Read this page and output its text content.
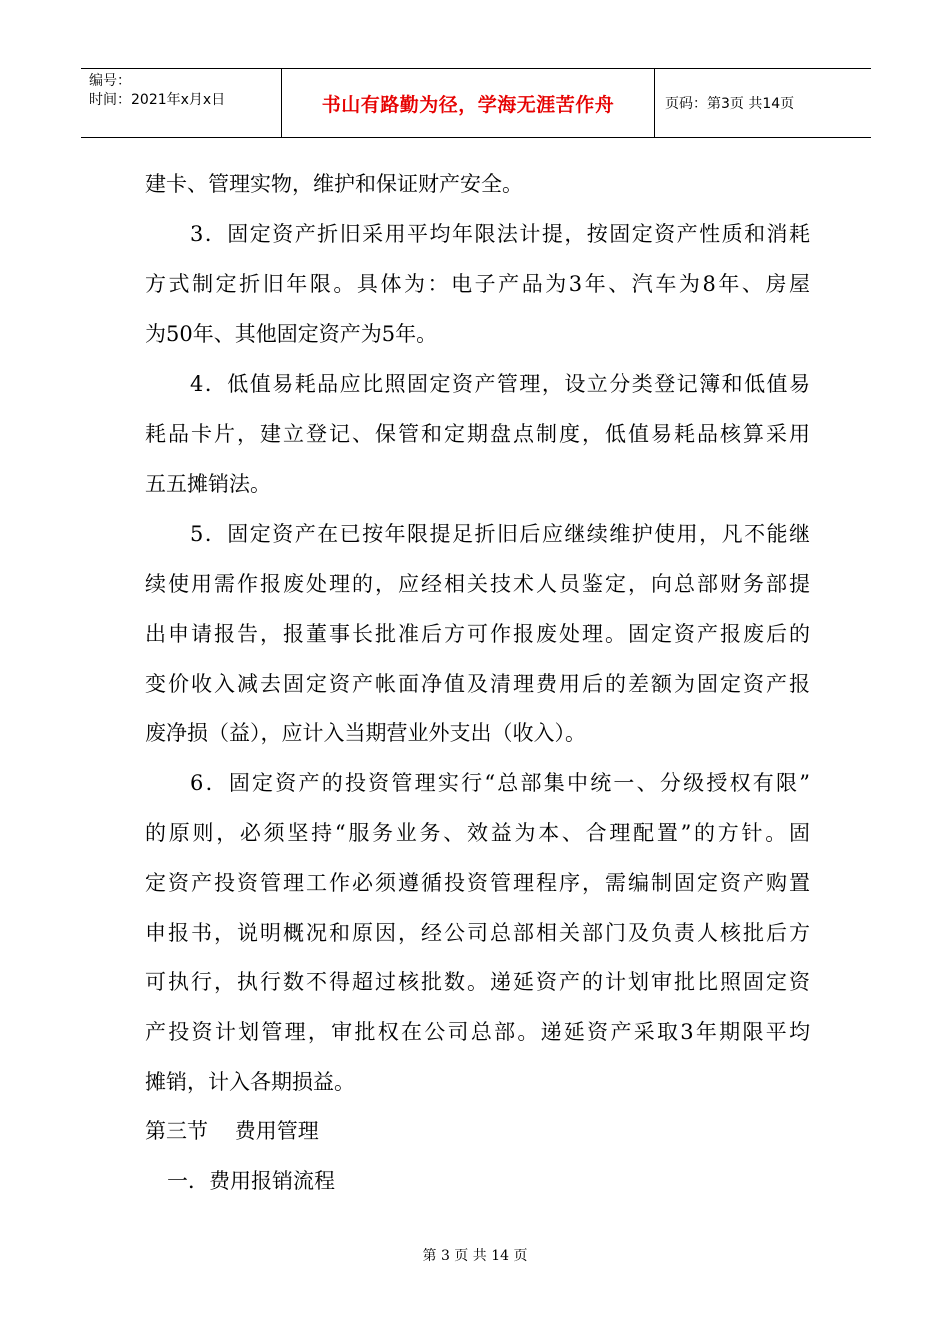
编号：
时间：2021年x月x日	书山有路勤为径，学海无涯苦作舟	页码：第3页 共14页
建卡、管理实物，维护和保证财产安全。
3．固定资产折旧采用平均年限法计提，按固定资产性质和消耗
方式制定折旧年限。具体为：电子产品为3年、汽车为8年、房屋
为50年、其他固定资产为5年。
4．低值易耗品应比照固定资产管理，设立分类登记簿和低值易
耗品卡片，建立登记、保管和定期盘点制度，低值易耗品核算采用
五五摊销法。
5．固定资产在已按年限提足折旧后应继续维护使用，凡不能继
续使用需作报废处理的，应经相关技术人员鉴定，向总部财务部提
出申请报告，报董事长批准后方可作报废处理。固定资产报废后的
变价收入减去固定资产帐面净值及清理费用后的差额为固定资产报
废净损（益），应计入当期营业外支出（收入）。
6．固定资产的投资管理实行“总部集中统一、分级授权有限”
的原则，必须坚持“服务业务、效益为本、合理配置”的方针。固
定资产投资管理工作必须遵循投资管理程序，需编制固定资产购置
申报书，说明概况和原因，经公司总部相关部门及负责人核批后方
可执行，执行数不得超过核批数。递延资产的计划审批比照固定资
产投资计划管理，审批权在公司总部。递延资产采取3年期限平均
摊销，计入各期损益。
第三节    费用管理
一．费用报销流程
第 3 页 共 14 页
